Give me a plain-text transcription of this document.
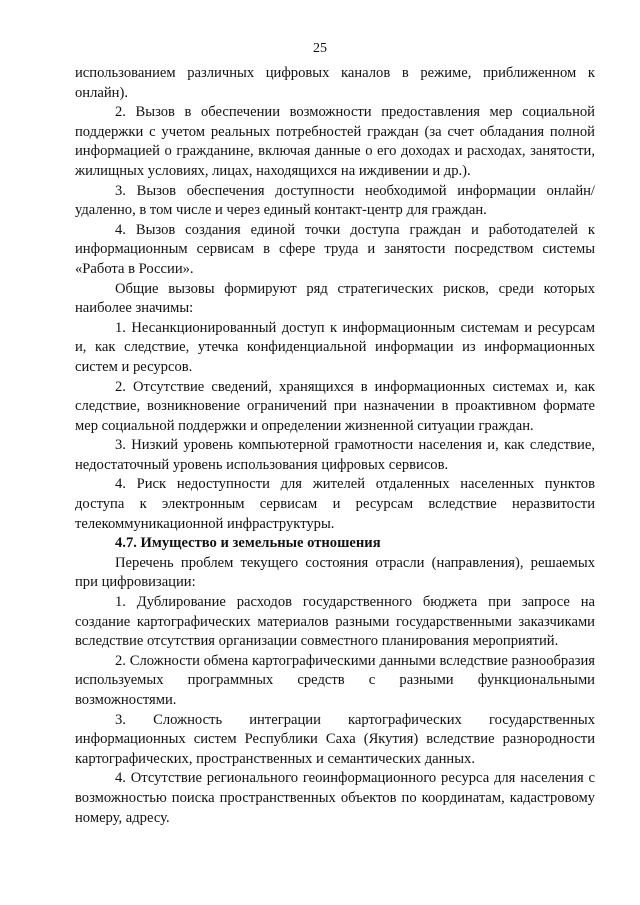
25

использованием различных цифровых каналов в режиме, приближенном к онлайн).

2. Вызов в обеспечении возможности предоставления мер социальной поддержки с учетом реальных потребностей граждан (за счет обладания полной информацией о гражданине, включая данные о его доходах и расходах, занятости, жилищных условиях, лицах, находящихся на иждивении и др.).

3. Вызов обеспечения доступности необходимой информации онлайн/удаленно, в том числе и через единый контакт-центр для граждан.

4. Вызов создания единой точки доступа граждан и работодателей к информационным сервисам в сфере труда и занятости посредством системы «Работа в России».

Общие вызовы формируют ряд стратегических рисков, среди которых наиболее значимы:

1. Несанкционированный доступ к информационным системам и ресурсам и, как следствие, утечка конфиденциальной информации из информационных систем и ресурсов.

2. Отсутствие сведений, хранящихся в информационных системах и, как следствие, возникновение ограничений при назначении в проактивном формате мер социальной поддержки и определении жизненной ситуации граждан.

3. Низкий уровень компьютерной грамотности населения и, как следствие, недостаточный уровень использования цифровых сервисов.

4. Риск недоступности для жителей отдаленных населенных пунктов доступа к электронным сервисам и ресурсам вследствие неразвитости телекоммуникационной инфраструктуры.

4.7. Имущество и земельные отношения

Перечень проблем текущего состояния отрасли (направления), решаемых при цифровизации:

1. Дублирование расходов государственного бюджета при запросе на создание картографических материалов разными государственными заказчиками вследствие отсутствия организации совместного планирования мероприятий.

2. Сложности обмена картографическими данными вследствие разнообразия используемых программных средств с разными функциональными возможностями.

3. Сложность интеграции картографических государственных информационных систем Республики Саха (Якутия) вследствие разнородности картографических, пространственных и семантических данных.

4. Отсутствие регионального геоинформационного ресурса для населения с возможностью поиска пространственных объектов по координатам, кадастровому номеру, адресу.
